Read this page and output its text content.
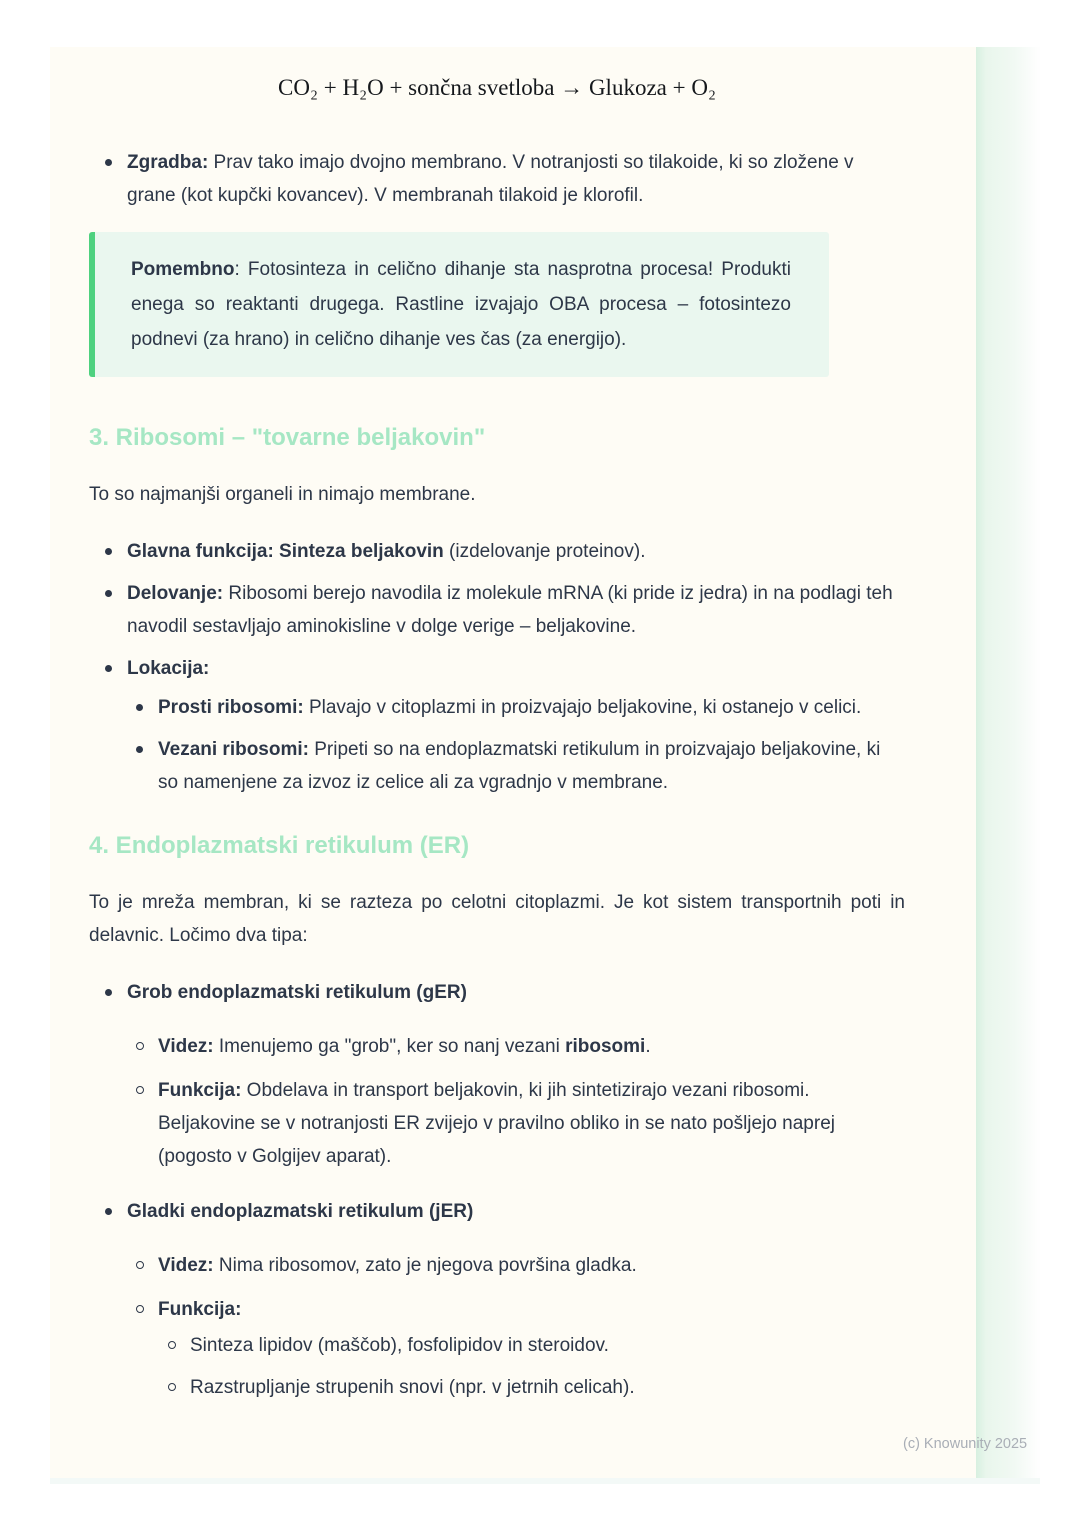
CO₂ + H₂O + sončna svetloba → Glukoza + O₂
Zgradba: Prav tako imajo dvojno membrano. V notranjosti so tilakoide, ki so zložene v grane (kot kupčki kovancev). V membranah tilakoid je klorofil.
Pomembno: Fotosinteza in celično dihanje sta nasprotna procesa! Produkti enega so reaktanti drugega. Rastline izvajajo OBA procesa – fotosintezo podnevi (za hrano) in celično dihanje ves čas (za energijo).
3. Ribosomi – "tovarne beljakovin"

To so najmanjši organeli in nimajo membrane.

Glavna funkcija: Sinteza beljakovin (izdelovanje proteinov).
Delovanje: Ribosomi berejo navodila iz molekule mRNA (ki pride iz jedra) in na podlagi teh navodil sestavljajo aminokisline v dolge verige – beljakovine.
Lokacija:
Prosti ribosomi: Plavajo v citoplazmi in proizvajajo beljakovine, ki ostanejo v celici.
Vezani ribosomi: Pripeti so na endoplazmatski retikulum in proizvajajo beljakovine, ki so namenjene za izvoz iz celice ali za vgradnjo v membrane.
4. Endoplazmatski retikulum (ER)

To je mreža membran, ki se razteza po celotni citoplazmi. Je kot sistem transportnih poti in delavnic. Ločimo dva tipa:

Grob endoplazmatski retikulum (gER)
Videz: Imenujemo ga "grob", ker so nanj vezani ribosomi.
Funkcija: Obdelava in transport beljakovin, ki jih sintetizirajo vezani ribosomi. Beljakovine se v notranjosti ER zvijejo v pravilno obliko in se nato pošljejo naprej (pogosto v Golgijev aparat).
Gladki endoplazmatski retikulum (jER)
Videz: Nima ribosomov, zato je njegova površina gladka.
Funkcija:
Sinteza lipidov (maščob), fosfolipidov in steroidov.
Razstrupljanje strupenih snovi (npr. v jetrnih celicah).
(c) Knowunity 2025
